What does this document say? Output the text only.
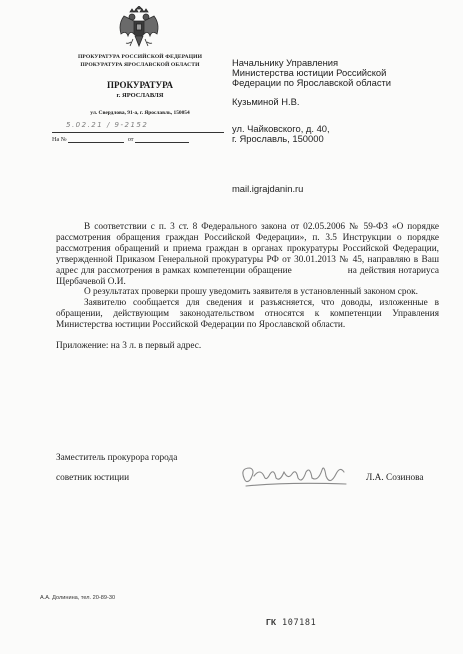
ПРОКУРАТУРА РОССИЙСКОЙ ФЕДЕРАЦИИ
ПРОКУРАТУРА ЯРОСЛАВСКОЙ ОБЛАСТИ
ПРОКУРАТУРА
г. ЯРОСЛАВЛЯ
ул. Свердлова, 91-а, г. Ярославль, 150054
5.02.21 / 9-2152
На №	от
Начальнику Управления
Министерства юстиции Российской
Федерации по Ярославской области
Кузьминой Н.В.
ул. Чайковского, д. 40,
г. Ярославль, 150000
mail.igrajdanin.ru

В соответствии с п. 3 ст. 8 Федерального закона от 02.05.2006 № 59-ФЗ «О порядке рассмотрения обращения граждан Российской Федерации», п. 3.5 Инструкции о порядке рассмотрения обращений и приема граждан в органах прокуратуры Российской Федерации, утвержденной Приказом Генеральной прокуратуры РФ от 30.01.2013 № 45, направляю в Ваш адрес для рассмотрения в рамках компетенции обращение	на действия нотариуса Щербачевой О.И.

О результатах проверки прошу уведомить заявителя в установленный законом срок.

Заявителю сообщается для сведения и разъясняется, что доводы, изложенные в обращении, действующим законодательством относятся к компетенции Управления Министерства юстиции Российской Федерации по Ярославской области.

Приложение: на 3 л. в первый адрес.

Заместитель прокурора города
советник юстиции	Л.А. Созинова
А.А. Долинина, тел. 20-89-30
ГК 107181
